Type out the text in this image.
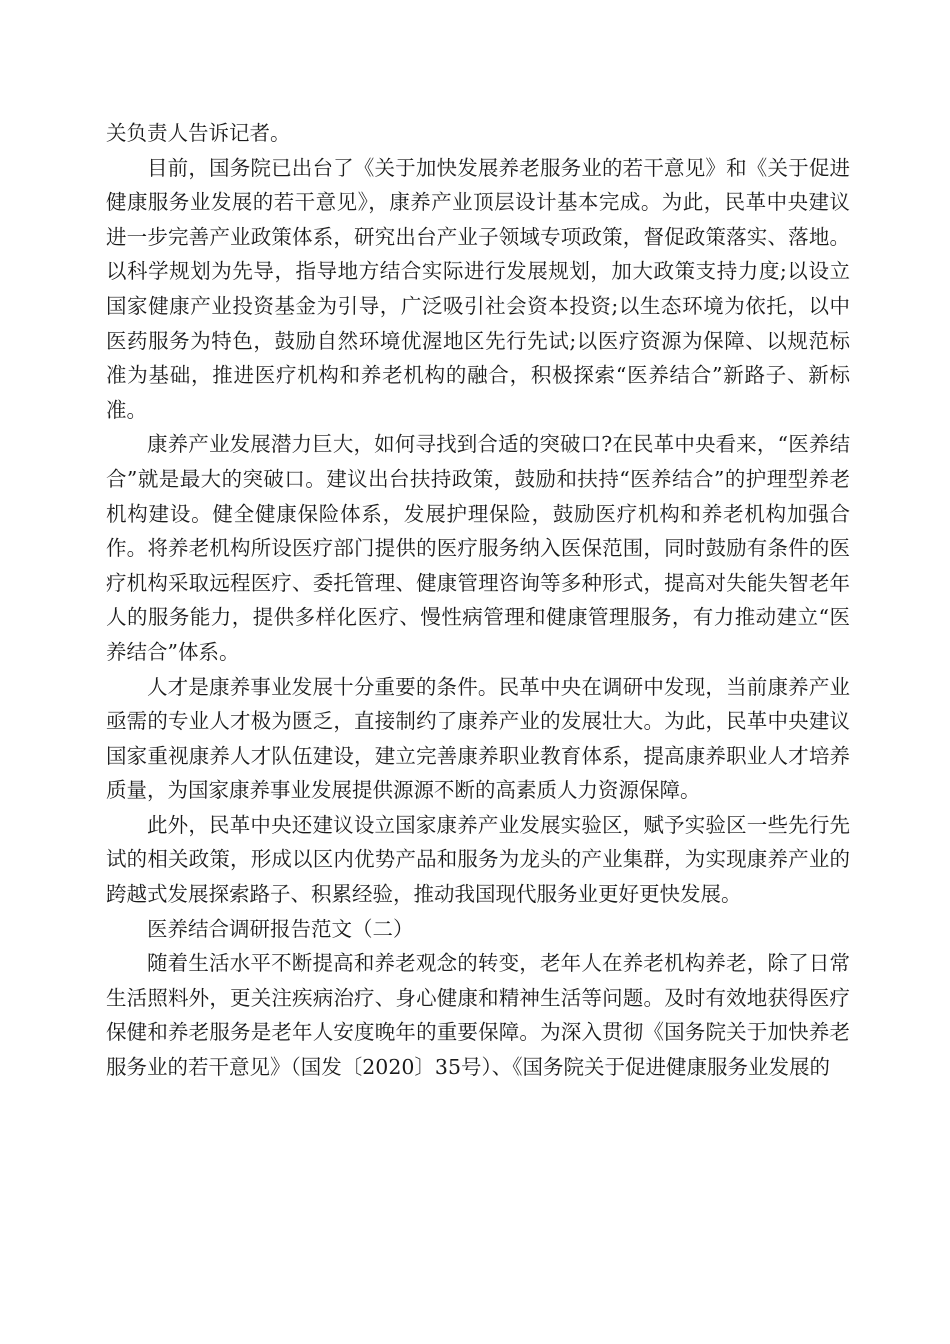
关负责人告诉记者。

目前，国务院已出台了《关于加快发展养老服务业的若干意见》和《关于促进健康服务业发展的若干意见》，康养产业顶层设计基本完成。为此，民革中央建议进一步完善产业政策体系，研究出台产业子领域专项政策，督促政策落实、落地。以科学规划为先导，指导地方结合实际进行发展规划，加大政策支持力度;以设立国家健康产业投资基金为引导，广泛吸引社会资本投资;以生态环境为依托，以中医药服务为特色，鼓励自然环境优渥地区先行先试;以医疗资源为保障、以规范标准为基础，推进医疗机构和养老机构的融合，积极探索“医养结合”新路子、新标准。

康养产业发展潜力巨大，如何寻找到合适的突破口?在民革中央看来，“医养结合”就是最大的突破口。建议出台扶持政策，鼓励和扶持“医养结合”的护理型养老机构建设。健全健康保险体系，发展护理保险，鼓励医疗机构和养老机构加强合作。将养老机构所设医疗部门提供的医疗服务纳入医保范围，同时鼓励有条件的医疗机构采取远程医疗、委托管理、健康管理咨询等多种形式，提高对失能失智老年人的服务能力，提供多样化医疗、慢性病管理和健康管理服务，有力推动建立“医养结合”体系。

人才是康养事业发展十分重要的条件。民革中央在调研中发现，当前康养产业亟需的专业人才极为匮乏，直接制约了康养产业的发展壮大。为此，民革中央建议国家重视康养人才队伍建设，建立完善康养职业教育体系，提高康养职业人才培养质量，为国家康养事业发展提供源源不断的高素质人力资源保障。

此外，民革中央还建议设立国家康养产业发展实验区，赋予实验区一些先行先试的相关政策，形成以区内优势产品和服务为龙头的产业集群，为实现康养产业的跨越式发展探索路子、积累经验，推动我国现代服务业更好更快发展。

医养结合调研报告范文（二）

随着生活水平不断提高和养老观念的转变，老年人在养老机构养老，除了日常生活照料外，更关注疾病治疗、身心健康和精神生活等问题。及时有效地获得医疗保健和养老服务是老年人安度晚年的重要保障。为深入贯彻《国务院关于加快养老服务业的若干意见》（国发〔2020〕35号）、《国务院关于促进健康服务业发展的
